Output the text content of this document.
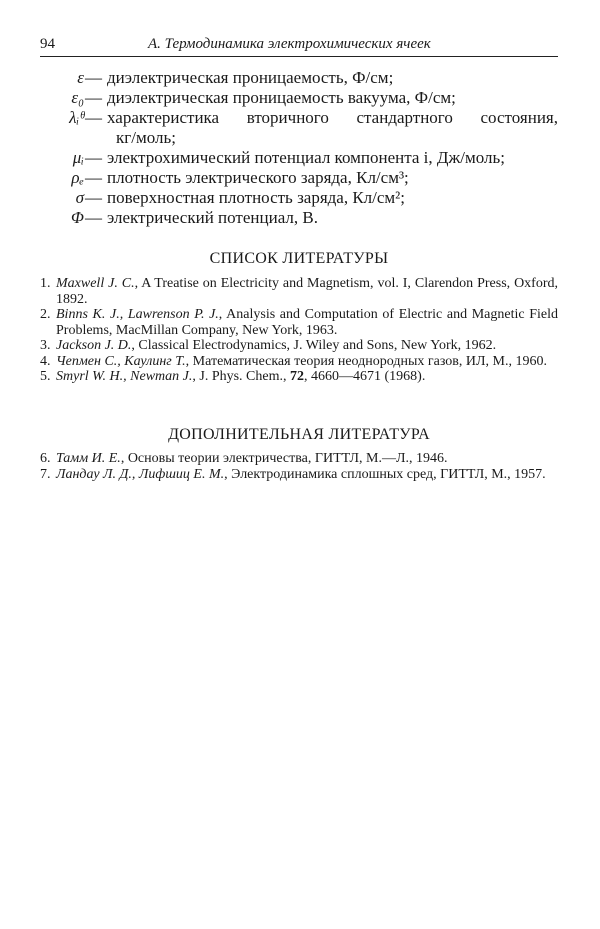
94	А. Термодинамика электрохимических ячеек
ε — диэлектрическая проницаемость, Ф/см;
ε₀ — диэлектрическая проницаемость вакуума, Ф/см;
λᵢᶿ — характеристика вторичного стандартного состояния,
кг/моль;
μᵢ — электрохимический потенциал компонента i, Дж/моль;
ρₑ — плотность электрического заряда, Кл/см³;
σ — поверхностная плотность заряда, Кл/см²;
Φ — электрический потенциал, В.
СПИСОК ЛИТЕРАТУРЫ
1. Maxwell J. C., A Treatise on Electricity and Magnetism, vol. I, Clarendon Press, Oxford, 1892.
2. Binns K. J., Lawrenson P. J., Analysis and Computation of Electric and Magnetic Field Problems, MacMillan Company, New York, 1963.
3. Jackson J. D., Classical Electrodynamics, J. Wiley and Sons, New York, 1962.
4. Чепмен С., Каулинг Т., Математическая теория неоднородных газов, ИЛ, М., 1960.
5. Smyrl W. H., Newman J., J. Phys. Chem., 72, 4660—4671 (1968).
ДОПОЛНИТЕЛЬНАЯ ЛИТЕРАТУРА
6. Тамм И. Е., Основы теории электричества, ГИТТЛ, М.—Л., 1946.
7. Ландау Л. Д., Лифшиц Е. М., Электродинамика сплошных сред, ГИТТЛ, М., 1957.
